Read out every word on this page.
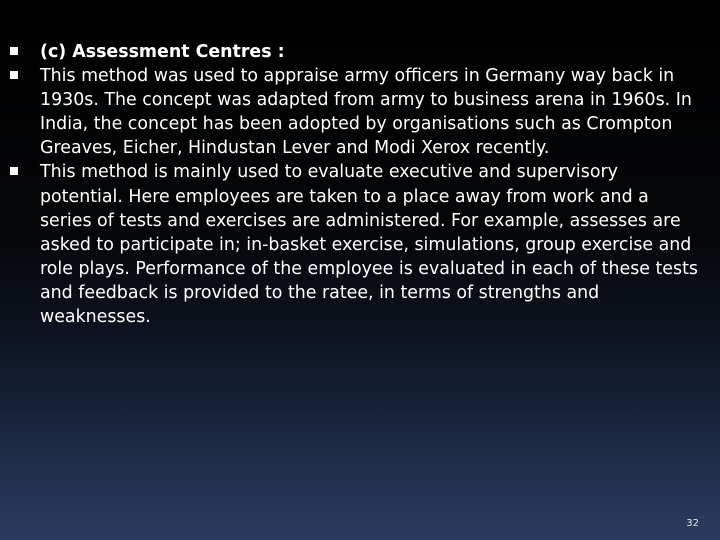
(c) Assessment Centres :
This method was used to appraise army officers in Germany way back in 1930s. The concept was adapted from army to business arena in 1960s. In India, the concept has been adopted by organisations such as Crompton Greaves, Eicher, Hindustan Lever and Modi Xerox recently.
This method is mainly used to evaluate executive and supervisory potential. Here employees are taken to a place away from work and a series of tests and exercises are administered. For example, assesses are asked to participate in; in-basket exercise, simulations, group exercise and role plays. Performance of the employee is evaluated in each of these tests and feedback is provided to the ratee, in terms of strengths and weaknesses.
32
